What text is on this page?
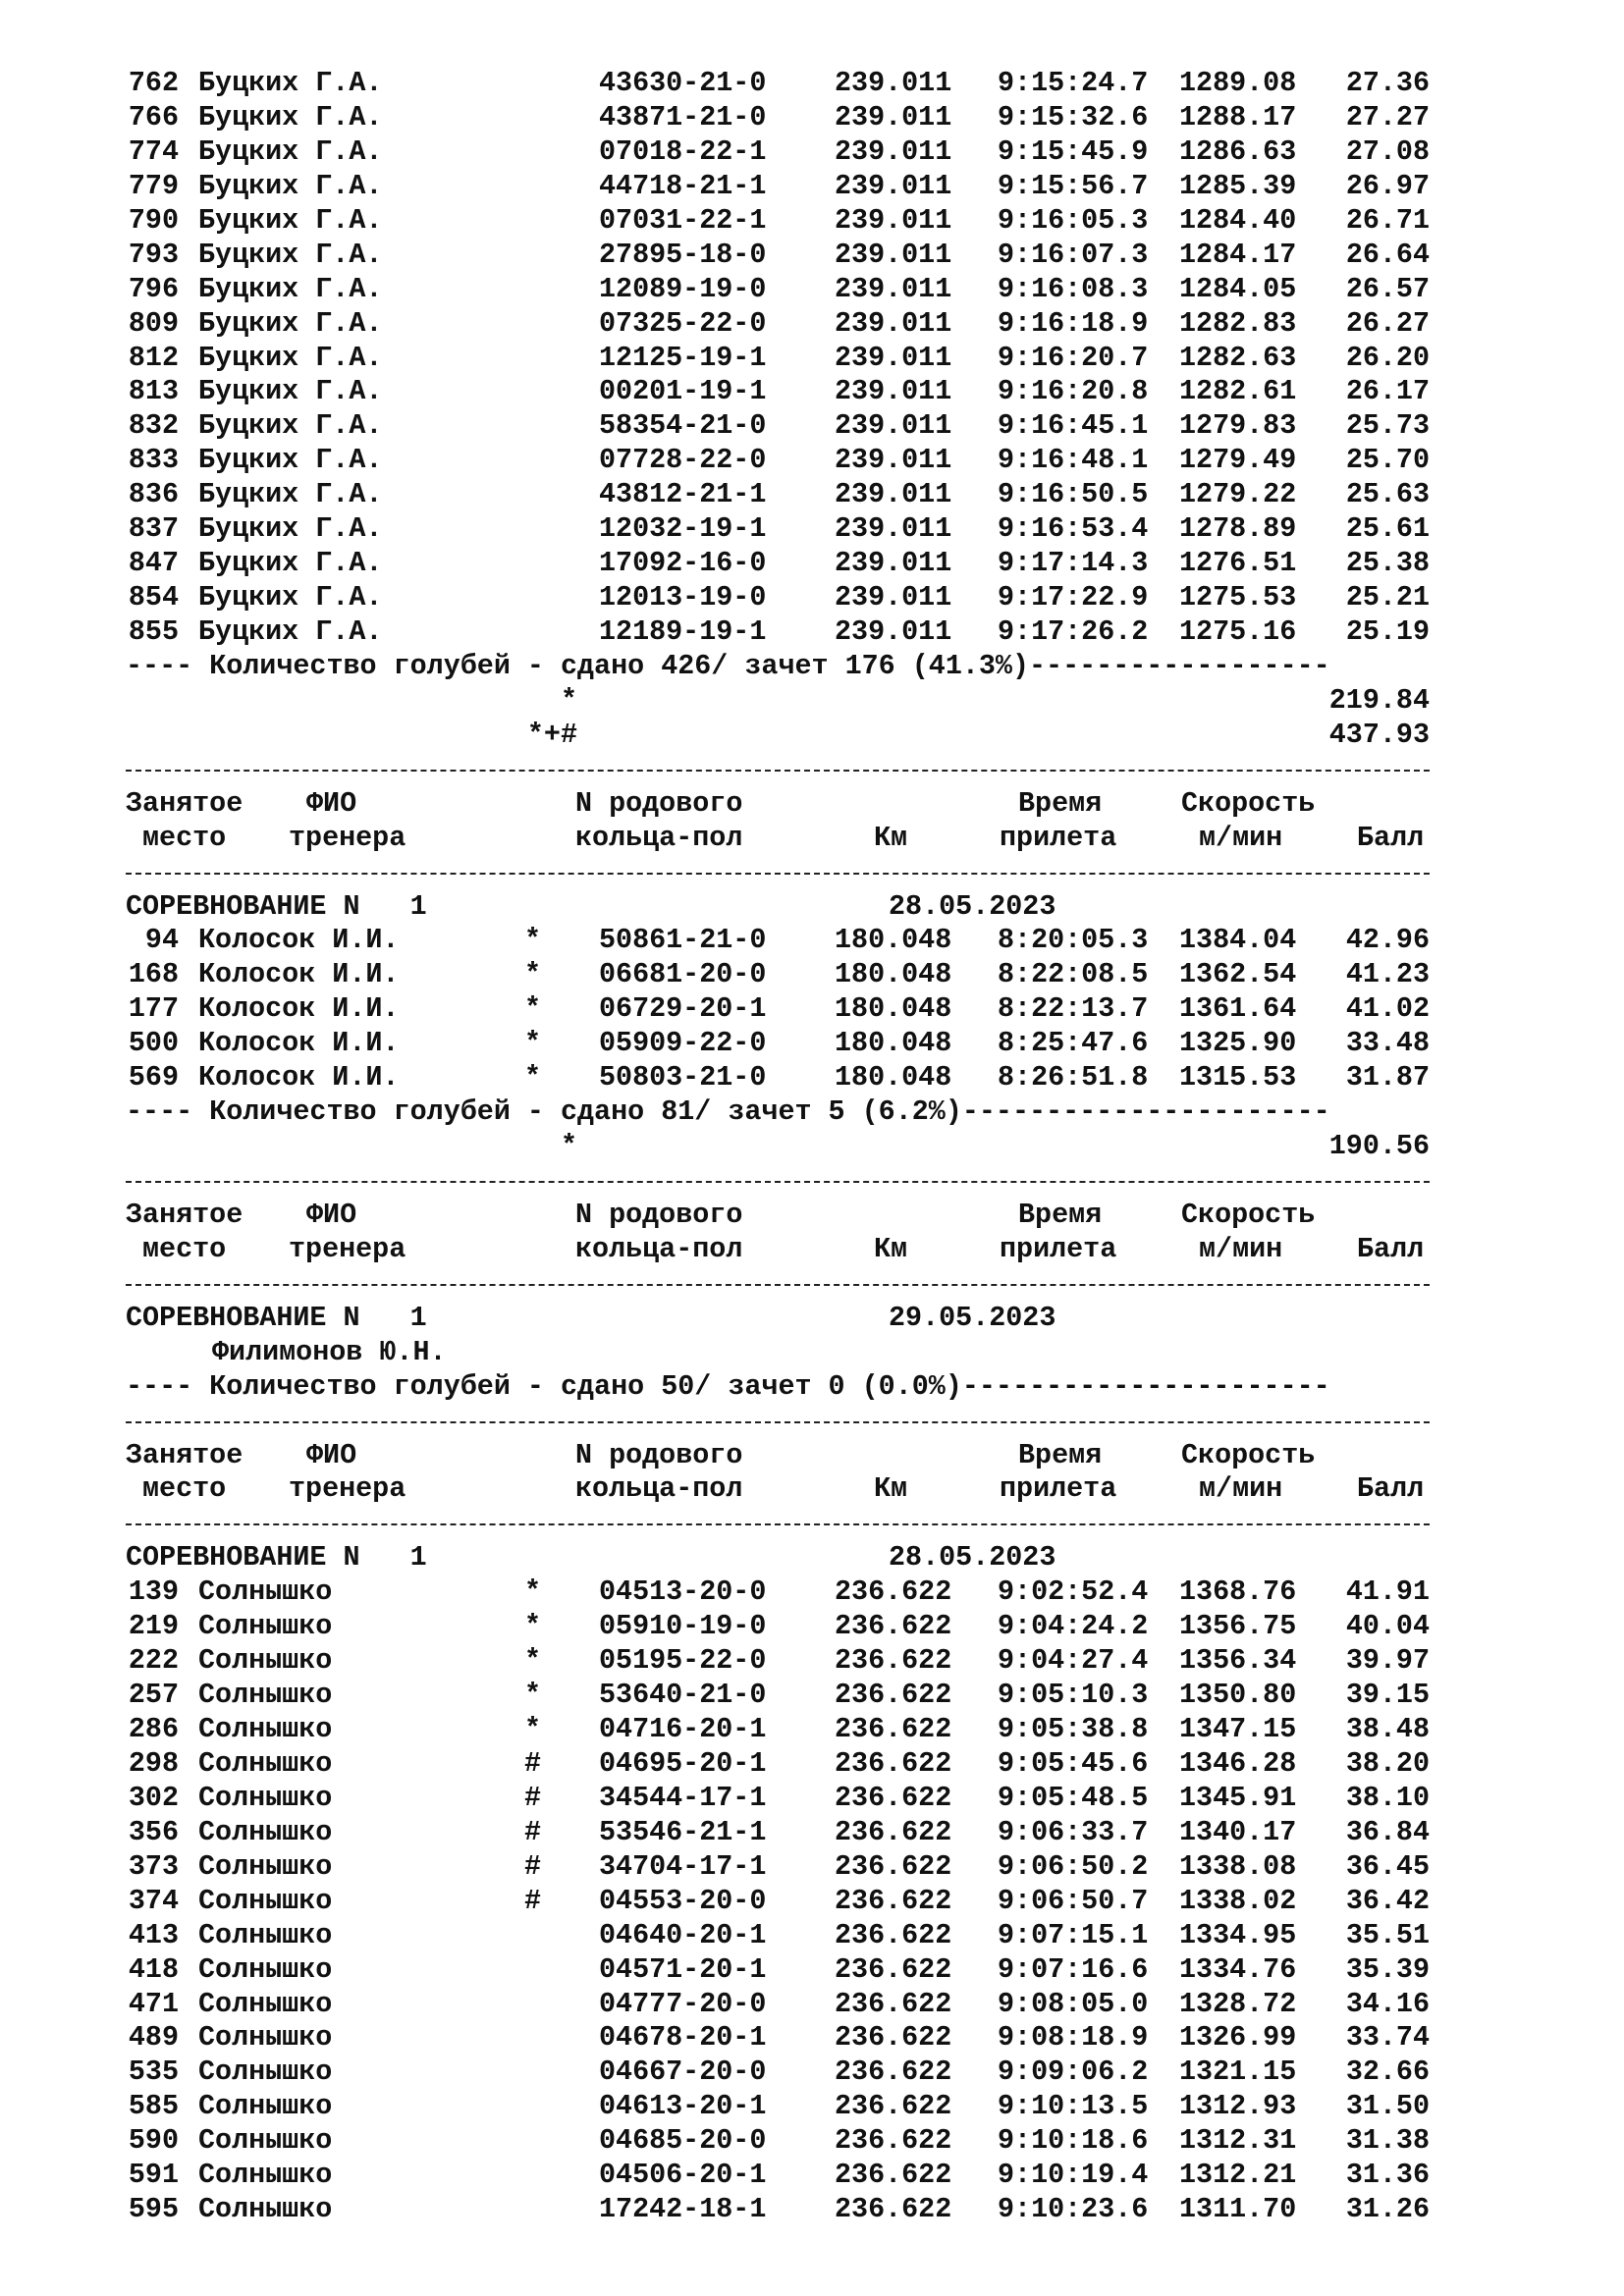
762 Буцких Г.А.	43630-21-0 239.011 9:15:24.7 1289.08	27.36
766 Буцких Г.А.	43871-21-0 239.011 9:15:32.6 1288.17	27.27
774 Буцких Г.А.	07018-22-1 239.011 9:15:45.9 1286.63	27.08
779 Буцких Г.А.	44718-21-1 239.011 9:15:56.7 1285.39	26.97
790 Буцких Г.А.	07031-22-1 239.011 9:16:05.3 1284.40	26.71
793 Буцких Г.А.	27895-18-0 239.011 9:16:07.3 1284.17	26.64
796 Буцких Г.А.	12089-19-0 239.011 9:16:08.3 1284.05	26.57
809 Буцких Г.А.	07325-22-0 239.011 9:16:18.9 1282.83	26.27
812 Буцких Г.А.	12125-19-1 239.011 9:16:20.7 1282.63	26.20
813 Буцких Г.А.	00201-19-1 239.011 9:16:20.8 1282.61	26.17
832 Буцких Г.А.	58354-21-0 239.011 9:16:45.1 1279.83	25.73
833 Буцких Г.А.	07728-22-0 239.011 9:16:48.1 1279.49	25.70
836 Буцких Г.А.	43812-21-1 239.011 9:16:50.5 1279.22	25.63
837 Буцких Г.А.	12032-19-1 239.011 9:16:53.4 1278.89	25.61
847 Буцких Г.А.	17092-16-0 239.011 9:17:14.3 1276.51	25.38
854 Буцких Г.А.	12013-19-0 239.011 9:17:22.9 1275.53	25.21
855 Буцких Г.А.	12189-19-1 239.011 9:17:26.2 1275.16	25.19
---- Количество голубей - сдано 426/ зачет 176 (41.3%)------------------
*	219.84
*+#	437.93
Занятое ФИО	N родового	Время	Скорость
место тренера	кольца-пол	Км	прилета	м/мин	Балл
СОРЕВНОВАНИЕ N   1	28.05.2023
94 Колосок И.И.	* 50861-21-0 180.048 8:20:05.3 1384.04	42.96
168 Колосок И.И.	* 06681-20-0 180.048 8:22:08.5 1362.54	41.23
177 Колосок И.И.	* 06729-20-1 180.048 8:22:13.7 1361.64	41.02
500 Колосок И.И.	* 05909-22-0 180.048 8:25:47.6 1325.90	33.48
569 Колосок И.И.	* 50803-21-0 180.048 8:26:51.8 1315.53	31.87
---- Количество голубей - сдано 81/ зачет 5 (6.2%)----------------------
*	190.56
Занятое ФИО	N родового	Время	Скорость
место тренера	кольца-пол	Км	прилета	м/мин	Балл
СОРЕВНОВАНИЕ N   1	29.05.2023
Филимонов Ю.Н.
---- Количество голубей - сдано 50/ зачет 0 (0.0%)----------------------
Занятое ФИО	N родового	Время	Скорость
место тренера	кольца-пол	Км	прилета	м/мин	Балл
СОРЕВНОВАНИЕ N   1	28.05.2023
139 Солнышко	* 04513-20-0 236.622 9:02:52.4 1368.76	41.91
219 Солнышко	* 05910-19-0 236.622 9:04:24.2 1356.75	40.04
222 Солнышко	* 05195-22-0 236.622 9:04:27.4 1356.34	39.97
257 Солнышко	* 53640-21-0 236.622 9:05:10.3 1350.80	39.15
286 Солнышко	* 04716-20-1 236.622 9:05:38.8 1347.15	38.48
298 Солнышко	# 04695-20-1 236.622 9:05:45.6 1346.28	38.20
302 Солнышко	# 34544-17-1 236.622 9:05:48.5 1345.91	38.10
356 Солнышко	# 53546-21-1 236.622 9:06:33.7 1340.17	36.84
373 Солнышко	# 34704-17-1 236.622 9:06:50.2 1338.08	36.45
374 Солнышко	# 04553-20-0 236.622 9:06:50.7 1338.02	36.42
413 Солнышко	04640-20-1 236.622 9:07:15.1 1334.95	35.51
418 Солнышко	04571-20-1 236.622 9:07:16.6 1334.76	35.39
471 Солнышко	04777-20-0 236.622 9:08:05.0 1328.72	34.16
489 Солнышко	04678-20-1 236.622 9:08:18.9 1326.99	33.74
535 Солнышко	04667-20-0 236.622 9:09:06.2 1321.15	32.66
585 Солнышко	04613-20-1 236.622 9:10:13.5 1312.93	31.50
590 Солнышко	04685-20-0 236.622 9:10:18.6 1312.31	31.38
591 Солнышко	04506-20-1 236.622 9:10:19.4 1312.21	31.36
595 Солнышко	17242-18-1 236.622 9:10:23.6 1311.70	31.26
